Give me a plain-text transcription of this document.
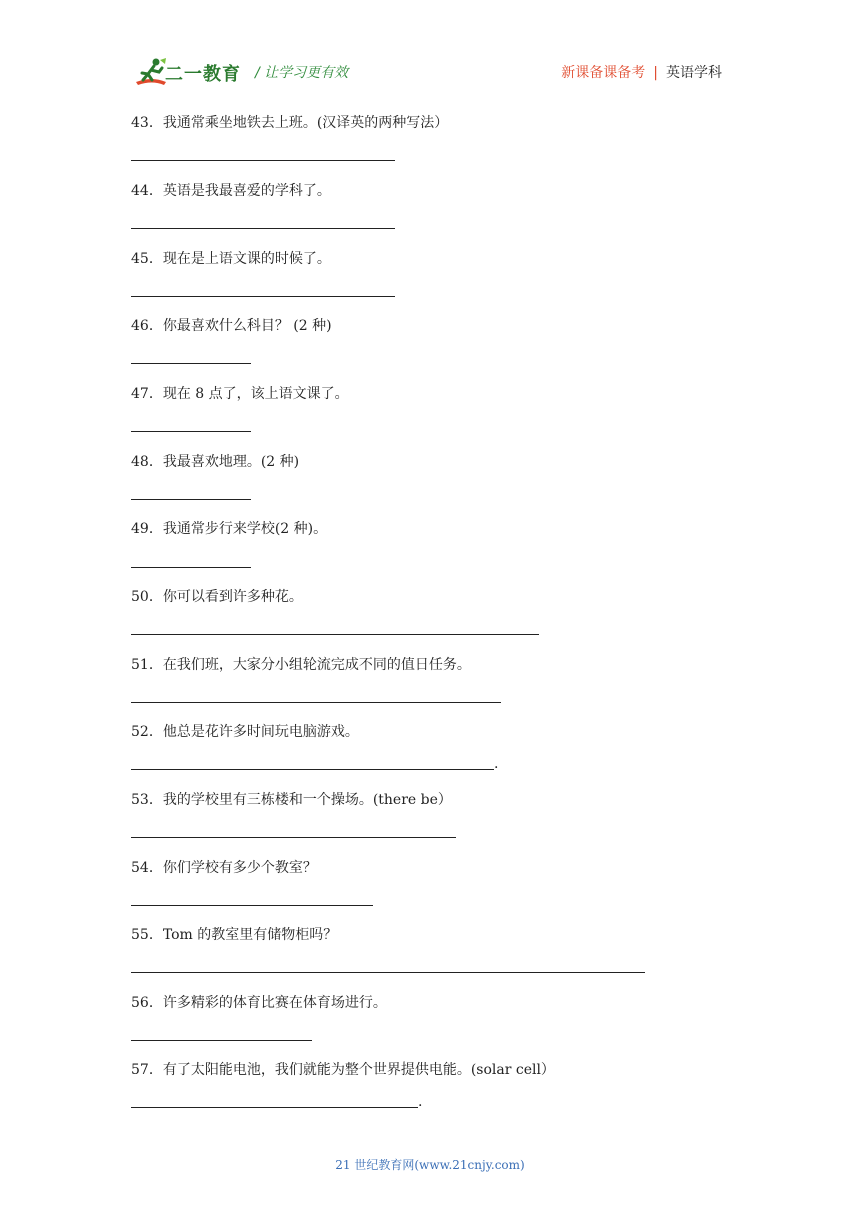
二一教育 / 让学习更有效	新课备课备考 | 英语学科
43．我通常乘坐地铁去上班。(汉译英的两种写法）
44．英语是我最喜爱的学科了。
45．现在是上语文课的时候了。
46．你最喜欢什么科目？ (2 种)
47．现在 8 点了，该上语文课了。
48．我最喜欢地理。(2 种)
49．我通常步行来学校(2 种)。
50．你可以看到许多种花。
51．在我们班，大家分小组轮流完成不同的值日任务。
52．他总是花许多时间玩电脑游戏。
.
53．我的学校里有三栋楼和一个操场。(there be）
54．你们学校有多少个教室？
55．Tom 的教室里有储物柜吗？
56．许多精彩的体育比赛在体育场进行。
57．有了太阳能电池，我们就能为整个世界提供电能。(solar cell）
.
21 世纪教育网(www.21cnjy.com)
